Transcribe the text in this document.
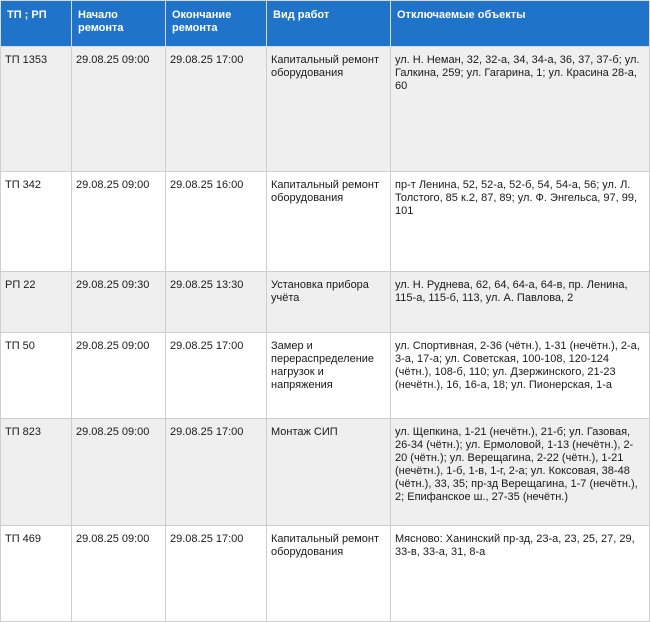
ТП ; РП	Начало ремонта	Окончание ремонта	Вид работ	Отключаемые объекты
ТП 1353	29.08.25 09:00	29.08.25 17:00	Капитальный ремонт оборудования	ул. Н. Неман, 32, 32-а, 34, 34-а, 36, 37, 37-б; ул. Галкина, 259; ул. Гагарина, 1; ул. Красина 28-а, 60
ТП 342	29.08.25 09:00	29.08.25 16:00	Капитальный ремонт оборудования	пр-т Ленина, 52, 52-а, 52-б, 54, 54-а, 56; ул. Л. Толстого, 85 к.2, 87, 89; ул. Ф. Энгельса, 97, 99, 101
РП 22	29.08.25 09:30	29.08.25 13:30	Установка прибора учёта	ул. Н. Руднева, 62, 64, 64-а, 64-в, пр. Ленина, 115-а, 115-б, 113, ул. А. Павлова, 2
ТП 50	29.08.25 09:00	29.08.25 17:00	Замер и перераспределение нагрузок и напряжения	ул. Спортивная, 2-36 (чётн.), 1-31 (нечётн.), 2-а, 3-а, 17-а; ул. Советская, 100-108, 120-124 (чётн.), 108-б, 110; ул. Дзержинского, 21-23 (нечётн.), 16, 16-а, 18; ул. Пионерская, 1-а
ТП 823	29.08.25 09:00	29.08.25 17:00	Монтаж СИП	ул. Щепкина, 1-21 (нечётн.), 21-б; ул. Газовая, 26-34 (чётн.); ул. Ермоловой, 1-13 (нечётн.), 2-20 (чётн.); ул. Верещагина, 2-22 (чётн.), 1-21 (нечётн.), 1-б, 1-в, 1-г, 2-а; ул. Коксовая, 38-48 (чётн.), 33, 35; пр-зд Верещагина, 1-7 (нечётн.), 2; Епифанское ш., 27-35 (нечётн.)
ТП 469	29.08.25 09:00	29.08.25 17:00	Капитальный ремонт оборудования	Мясново: Ханинский пр-зд, 23-а, 23, 25, 27, 29, 33-в, 33-а, 31, 8-а
